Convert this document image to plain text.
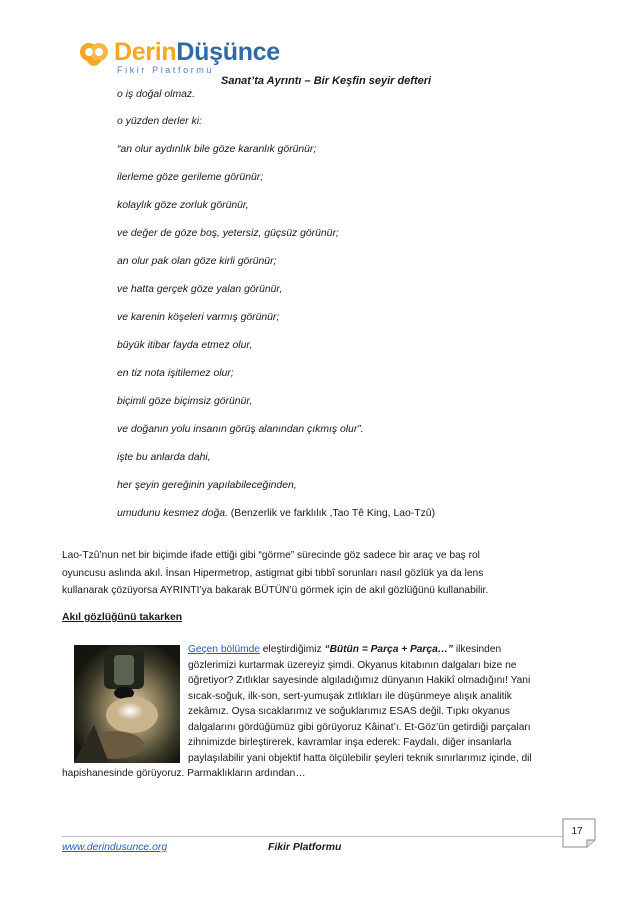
DerinDüşünce
Fikir Platformu
Sanat’ta Ayrıntı – Bir Keşfin seyir defteri
o iş doğal olmaz.
o yüzden derler ki:
“an olur aydınlık bile göze karanlık görünür;
ilerleme göze gerileme görünür;
kolaylık göze zorluk görünür,
ve değer de göze boş, yetersiz, güçsüz görünür;
an olur pak olan göze kirli görünür;
ve hatta gerçek göze yalan görünür,
ve karenin köşeleri varmış görünür;
büyük itibar fayda etmez olur,
en tiz nota işitilemez olur;
biçimli göze biçimsiz görünür,
ve doğanın yolu insanın görüş alanından çıkmış olur”.
işte bu anlarda dahi,
her şeyin gereğinin yapılabileceğinden,
umudunu kesmez doğa. (Benzerlik ve farklılık ,Tao Tê King, Lao-Tzû)

Lao-Tzû’nun net bir biçimde ifade ettiği gibi “görme” sürecinde göz sadece bir araç ve baş rol
oyuncusu aslında akıl. İnsan Hipermetrop, astigmat gibi tıbbî sorunları nasıl gözlük ya da lens
kullanarak çözüyorsa AYRINTI’ya bakarak BÜTÜN’ü görmek için de akıl gözlüğünü kullanabilir.

Akıl gözlüğünü takarken

Geçen bölümde eleştirdiğimiz “Bütün = Parça + Parça…” ilkesinden
gözlerimizi kurtarmak üzereyiz şimdi. Okyanus kitabının dalgaları bize ne
öğretiyor? Zıtlıklar sayesinde algıladığımız dünyanın Hakikî olmadığını! Yani
sıcak-soğuk, ilk-son, sert-yumuşak zıtlıkları ile düşünmeye alışık analitik
zekâmız. Oysa sıcaklarımız ve soğuklarımız ESAS değil. Tıpkı okyanus
dalgalarını gördüğümüz gibi görüyoruz Kâinat’ı. Et-Göz’ün getirdiği parçaları
zihnimizde birleştirerek, kavramlar inşa ederek: Faydalı, diğer insanlarla
paylaşılabilir yani objektif hatta ölçülebilir şeyleri teknik sınırlarımız içinde, dil

hapishanesinde görüyoruz. Parmaklıkların ardından…

17
www.derindusunce.org	Fikir Platformu
